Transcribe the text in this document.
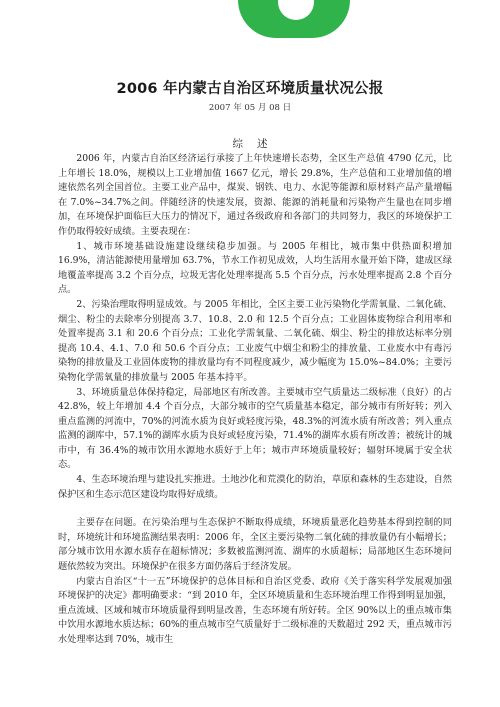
2006 年内蒙古自治区环境质量状况公报
2007 年 05 月 08 日
综述

2006 年，内蒙古自治区经济运行承接了上年快速增长态势，全区生产总值 4790 亿元，比上年增长 18.0%，规模以上工业增加值 1667 亿元，增长 29.8%，生产总值和工业增加值的增速依然名列全国首位。主要工业产品中，煤炭、钢铁、电力、水泥等能源和原材料产品产量增幅在 7.0%~34.7%之间。伴随经济的快速发展，资源、能源的消耗量和污染物产生量也在同步增加，在环境保护面临巨大压力的情况下，通过各级政府和各部门的共同努力，我区的环境保护工作仍取得较好成绩。主要表现在：

1、城市环境基础设施建设继续稳步加强。与 2005 年相比，城市集中供热面积增加 16.9%，清洁能源使用量增加 63.7%，节水工作初见成效，人均生活用水量开始下降，建成区绿地覆盖率提高 3.2 个百分点，垃圾无害化处理率提高 5.5 个百分点，污水处理率提高 2.8 个百分点。

2、污染治理取得明显成效。与 2005 年相比，全区主要工业污染物化学需氧量、二氧化硫、烟尘、粉尘的去除率分别提高 3.7、10.8、2.0 和 12.5 个百分点；工业固体废物综合利用率和处置率提高 3.1 和 20.6 个百分点；工业化学需氧量、二氧化硫、烟尘、粉尘的排放达标率分别提高 10.4、4.1、7.0 和 50.6 个百分点；工业废气中烟尘和粉尘的排放量、工业废水中有毒污染物的排放量及工业固体废物的排放量均有不同程度减少，减少幅度为 15.0%~84.0%；主要污染物化学需氧量的排放量与 2005 年基本持平。

3、环境质量总体保持稳定，局部地区有所改善。主要城市空气质量达二级标准（良好）的占 42.8%，较上年增加 4.4 个百分点，大部分城市的空气质量基本稳定，部分城市有所好转；列入重点监测的河流中，70%的河流水质为良好或轻度污染，48.3%的河流水质有所改善；列入重点监测的湖库中，57.1%的湖库水质为良好或轻度污染，71.4%的湖库水质有所改善；被统计的城市中，有 36.4%的城市饮用水源地水质好于上年；城市声环境质量较好；辐射环境属于安全状态。

4、生态环境治理与建设扎实推进。土地沙化和荒漠化的防治，草原和森林的生态建设，自然保护区和生态示范区建设均取得好成绩。

主要存在问题。在污染治理与生态保护不断取得成绩，环境质量恶化趋势基本得到控制的同时，环境统计和环境监测结果表明：2006 年，全区主要污染物二氧化硫的排放量仍有小幅增长；部分城市饮用水源水质存在超标情况；多数被监测河流、湖库的水质超标；局部地区生态环境问题依然较为突出。环境保护在很多方面仍落后于经济发展。

内蒙古自治区“十一五”环境保护的总体目标和自治区党委、政府《关于落实科学发展观加强环境保护的决定》都明确要求：“到 2010 年，全区环境质量和生态环境治理工作得到明显加强，重点流域、区域和城市环境质量得到明显改善，生态环境有所好转。全区 90%以上的重点城市集中饮用水源地水质达标；60%的重点城市空气质量好于二级标准的天数超过 292 天，重点城市污水处理率达到 70%，城市生
